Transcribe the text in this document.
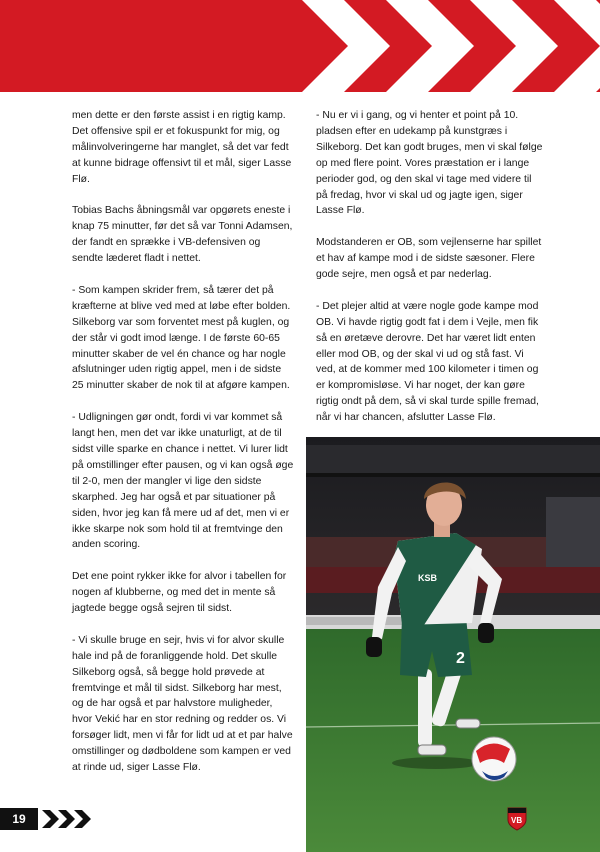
men dette er den første assist i en rigtig kamp. Det offensive spil er et fokuspunkt for mig, og målinvolveringerne har manglet, så det var fedt at kunne bidrage offensivt til et mål, siger Lasse Flø.

Tobias Bachs åbningsmål var opgørets eneste i knap 75 minutter, før det så var Tonni Adamsen, der fandt en sprække i VB-defensiven og sendte læderet fladt i nettet.

- Som kampen skrider frem, så tærer det på kræfterne at blive ved med at løbe efter bolden. Silkeborg var som forventet mest på kuglen, og der står vi godt imod længe. I de første 60-65 minutter skaber de vel én chance og har nogle afslutninger uden rigtig appel, men i de sidste 25 minutter skaber de nok til at afgøre kampen.

- Udligningen gør ondt, fordi vi var kommet så langt hen, men det var ikke unaturligt, at de til sidst ville sparke en chance i nettet. Vi lurer lidt på omstillinger efter pausen, og vi kan også øge til 2-0, men der mangler vi lige den sidste skarphed. Jeg har også et par situationer på siden, hvor jeg kan få mere ud af det, men vi er ikke skarpe nok som hold til at fremtvinge den anden scoring.

Det ene point rykker ikke for alvor i tabellen for nogen af klubberne, og med det in mente så jagtede begge også sejren til sidst.

- Vi skulle bruge en sejr, hvis vi for alvor skulle hale ind på de foranliggende hold. Det skulle Silkeborg også, så begge hold prøvede at fremtvinge et mål til sidst. Silkeborg har mest, og de har også et par halvstore muligheder, hvor Vekić har en stor redning og redder os. Vi forsøger lidt, men vi får for lidt ud at et par halve omstillinger og dødboldene som kampen er ved at rinde ud, siger Lasse Flø.

- Nu er vi i gang, og vi henter et point på 10. pladsen efter en udekamp på kunstgræs i Silkeborg. Det kan godt bruges, men vi skal følge op med flere point. Vores præstation er i lange perioder god, og den skal vi tage med videre til på fredag, hvor vi skal ud og jagte igen, siger Lasse Flø.

Modstanderen er OB, som vejlenserne har spillet et hav af kampe mod i de sidste sæsoner. Flere gode sejre, men også et par nederlag.

- Det plejer altid at være nogle gode kampe mod OB. Vi havde rigtig godt fat i dem i Vejle, men fik så en øretæve derovre. Det har været lidt enten eller mod OB, og der skal vi ud og stå fast. Vi ved, at de kommer med 100 kilometer i timen og er kompromisløse. Vi har noget, der kan gøre rigtig ondt på dem, så vi skal turde spille fremad, når vi har chancen, afslutter Lasse Flø.

2
KSB
19	VB
